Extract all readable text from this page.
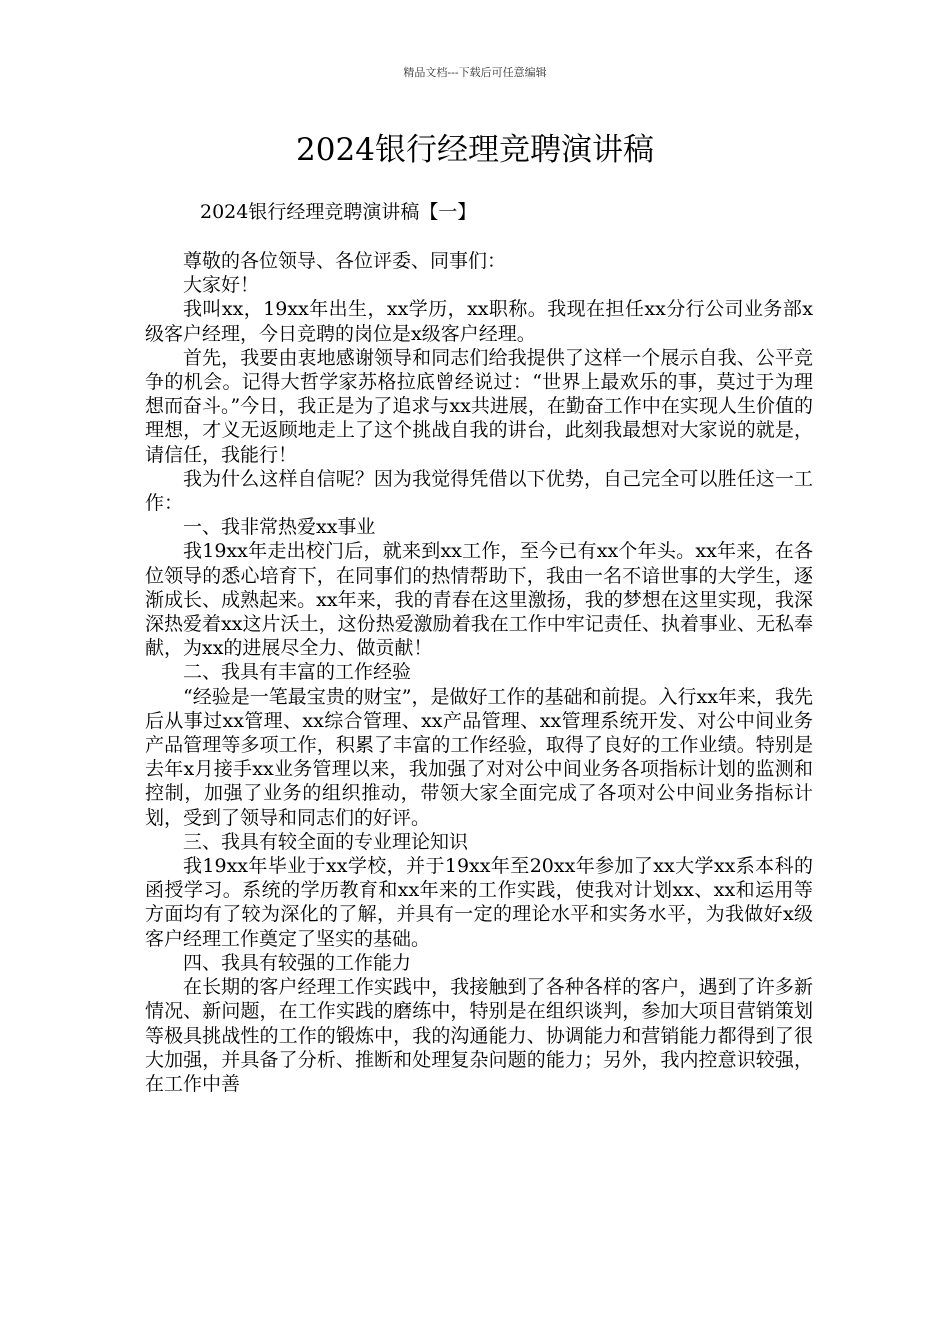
精品文档---下载后可任意编辑
2024银行经理竞聘演讲稿
2024银行经理竞聘演讲稿【一】

尊敬的各位领导、各位评委、同事们：

大家好！

我叫xx，19xx年出生，xx学历，xx职称。我现在担任xx分行公司业务部x级客户经理，今日竞聘的岗位是x级客户经理。

首先，我要由衷地感谢领导和同志们给我提供了这样一个展示自我、公平竞争的机会。记得大哲学家苏格拉底曾经说过：“世界上最欢乐的事，莫过于为理想而奋斗。”今日，我正是为了追求与xx共进展，在勤奋工作中在实现人生价值的理想，才义无返顾地走上了这个挑战自我的讲台，此刻我最想对大家说的就是，请信任，我能行！

我为什么这样自信呢？因为我觉得凭借以下优势，自己完全可以胜任这一工作：

一、我非常热爱xx事业

我19xx年走出校门后，就来到xx工作，至今已有xx个年头。xx年来，在各位领导的悉心培育下，在同事们的热情帮助下，我由一名不谙世事的大学生，逐渐成长、成熟起来。xx年来，我的青春在这里激扬，我的梦想在这里实现，我深深热爱着xx这片沃土，这份热爱激励着我在工作中牢记责任、执着事业、无私奉献，为xx的进展尽全力、做贡献！

二、我具有丰富的工作经验

“经验是一笔最宝贵的财宝”，是做好工作的基础和前提。入行xx年来，我先后从事过xx管理、xx综合管理、xx产品管理、xx管理系统开发、对公中间业务产品管理等多项工作，积累了丰富的工作经验，取得了良好的工作业绩。特别是去年x月接手xx业务管理以来，我加强了对对公中间业务各项指标计划的监测和控制，加强了业务的组织推动，带领大家全面完成了各项对公中间业务指标计划，受到了领导和同志们的好评。

三、我具有较全面的专业理论知识

我19xx年毕业于xx学校，并于19xx年至20xx年参加了xx大学xx系本科的函授学习。系统的学历教育和xx年来的工作实践，使我对计划xx、xx和运用等方面均有了较为深化的了解，并具有一定的理论水平和实务水平，为我做好x级客户经理工作奠定了坚实的基础。

四、我具有较强的工作能力

在长期的客户经理工作实践中，我接触到了各种各样的客户，遇到了许多新情况、新问题，在工作实践的磨练中，特别是在组织谈判，参加大项目营销策划等极具挑战性的工作的锻炼中，我的沟通能力、协调能力和营销能力都得到了很大加强，并具备了分析、推断和处理复杂问题的能力；另外，我内控意识较强，在工作中善
